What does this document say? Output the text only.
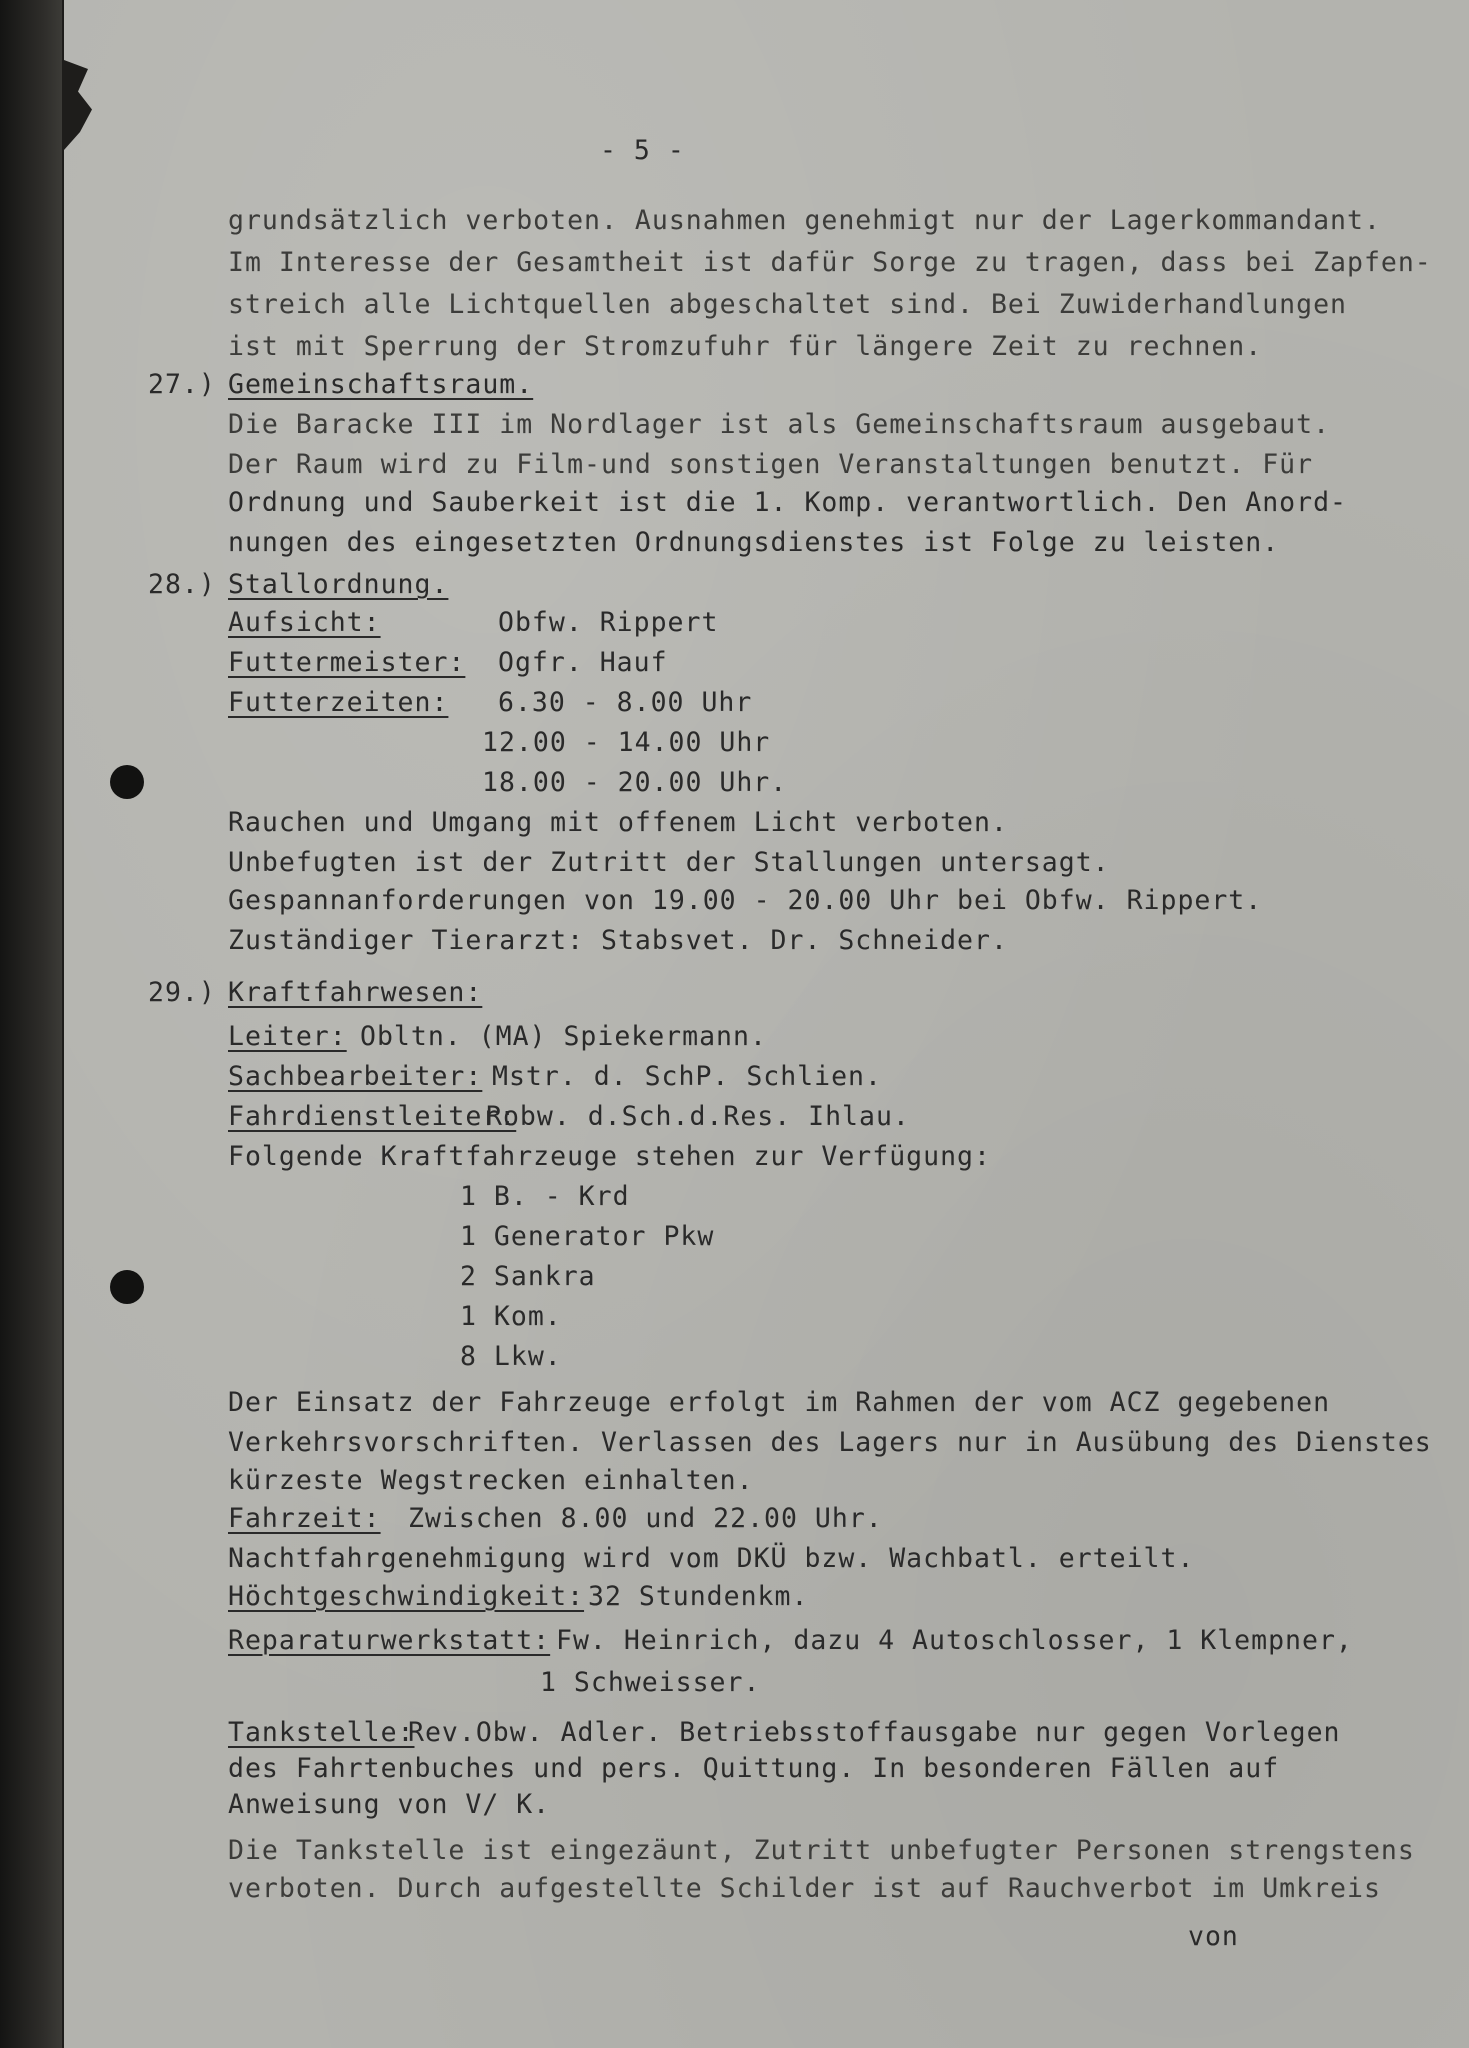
- 5 -

grundsätzlich verboten. Ausnahmen genehmigt nur der Lagerkommandant.

Im Interesse der Gesamtheit ist dafür Sorge zu tragen, dass bei Zapfen-

streich alle Lichtquellen abgeschaltet sind. Bei Zuwiderhandlungen

ist mit Sperrung der Stromzufuhr für längere Zeit zu rechnen.

27.)

Gemeinschaftsraum.

Die Baracke III im Nordlager ist als Gemeinschaftsraum ausgebaut.

Der Raum wird zu Film-und sonstigen Veranstaltungen benutzt. Für

Ordnung und Sauberkeit ist die 1. Komp. verantwortlich. Den Anord-

nungen des eingesetzten Ordnungsdienstes ist Folge zu leisten.

28.)

Stallordnung.

Aufsicht:

	Obfw. Rippert

Futtermeister:

Ogfr. Hauf

Futterzeiten:

6.30 - 8.00 Uhr

12.00 - 14.00 Uhr

18.00 - 20.00 Uhr.

Rauchen und Umgang mit offenem Licht verboten.

Unbefugten ist der Zutritt der Stallungen untersagt.

Gespannanforderungen von 19.00 - 20.00 Uhr bei Obfw. Rippert.

Zuständiger Tierarzt: Stabsvet. Dr. Schneider.

29.)

Kraftfahrwesen:

Leiter:

Obltn. (MA) Spiekermann.

Sachbearbeiter:

Mstr. d. SchP. Schlien.

Fahrdienstleiter:

Robw. d.Sch.d.Res. Ihlau.

Folgende Kraftfahrzeuge stehen zur Verfügung:

1 B. - Krd

1 Generator Pkw

2 Sankra

1 Kom.

8 Lkw.

Der Einsatz der Fahrzeuge erfolgt im Rahmen der vom ACZ gegebenen

Verkehrsvorschriften. Verlassen des Lagers nur in Ausübung des Dienstes

kürzeste Wegstrecken einhalten.

Fahrzeit:

Zwischen 8.00 und 22.00 Uhr.

Nachtfahrgenehmigung wird vom DKÜ bzw. Wachbatl. erteilt.

Höchtgeschwindigkeit:

32 Stundenkm.

Reparaturwerkstatt:

Fw. Heinrich, dazu 4 Autoschlosser, 1 Klempner,

1 Schweisser.

Tankstelle:

Rev.Obw. Adler. Betriebsstoffausgabe nur gegen Vorlegen

des Fahrtenbuches und pers. Quittung. In besonderen Fällen auf

Anweisung von V/ K.

Die Tankstelle ist eingezäunt, Zutritt unbefugter Personen strengstens

verboten. Durch aufgestellte Schilder ist auf Rauchverbot im Umkreis

von
